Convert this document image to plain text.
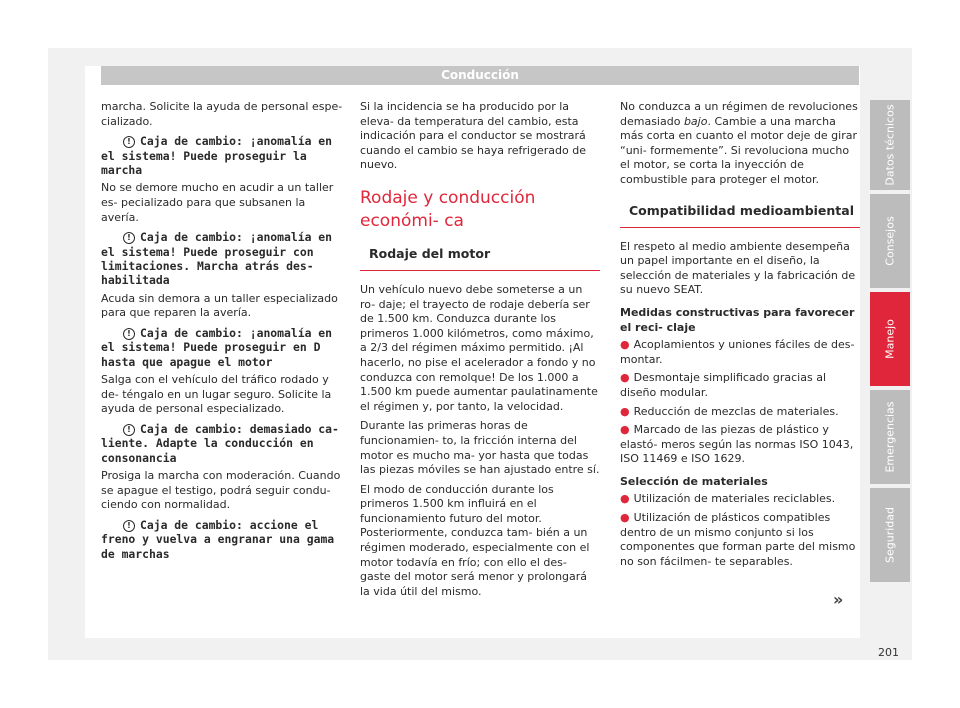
Conducción

marcha. Solicite la ayuda de personal espe- cializado.

! Caja de cambio: ¡anomalía en el sistema! Puede proseguir la marcha

No se demore mucho en acudir a un taller es- pecializado para que subsanen la avería.

! Caja de cambio: ¡anomalía en el sistema! Puede proseguir con limitaciones. Marcha atrás des- habilitada

Acuda sin demora a un taller especializado para que reparen la avería.

! Caja de cambio: ¡anomalía en el sistema! Puede proseguir en D hasta que apague el motor

Salga con el vehículo del tráfico rodado y de- téngalo en un lugar seguro. Solicite la ayuda de personal especializado.

! Caja de cambio: demasiado ca- liente. Adapte la conducción en consonancia

Prosiga la marcha con moderación. Cuando se apague el testigo, podrá seguir condu- ciendo con normalidad.

! Caja de cambio: accione el freno y vuelva a engranar una gama de marchas

Si la incidencia se ha producido por la eleva- da temperatura del cambio, esta indicación para el conductor se mostrará cuando el cambio se haya refrigerado de nuevo.

Rodaje y conducción económi- ca
Rodaje del motor

Un vehículo nuevo debe someterse a un ro- daje; el trayecto de rodaje debería ser de 1.500 km. Conduzca durante los primeros 1.000 kilómetros, como máximo, a 2/3 del régimen máximo permitido. ¡Al hacerlo, no pise el acelerador a fondo y no conduzca con remolque! De los 1.000 a 1.500 km puede aumentar paulatinamente el régimen y, por tanto, la velocidad.

Durante las primeras horas de funcionamien- to, la fricción interna del motor es mucho ma- yor hasta que todas las piezas móviles se han ajustado entre sí.

El modo de conducción durante los primeros 1.500 km influirá en el funcionamiento futuro del motor. Posteriormente, conduzca tam- bién a un régimen moderado, especialmente con el motor todavía en frío; con ello el des- gaste del motor será menor y prolongará la vida útil del mismo.

No conduzca a un régimen de revoluciones demasiado bajo. Cambie a una marcha más corta en cuanto el motor deje de girar “uni- formemente”. Si revoluciona mucho el motor, se corta la inyección de combustible para proteger el motor.

Compatibilidad medioambiental

El respeto al medio ambiente desempeña un papel importante en el diseño, la selección de materiales y la fabricación de su nuevo SEAT.

Medidas constructivas para favorecer el reci- claje
● Acoplamientos y uniones fáciles de des- montar.
● Desmontaje simplificado gracias al diseño modular.
● Reducción de mezclas de materiales.
● Marcado de las piezas de plástico y elastó- meros según las normas ISO 1043, ISO 11469 e ISO 1629.
Selección de materiales
● Utilización de materiales reciclables.
● Utilización de plásticos compatibles dentro de un mismo conjunto si los componentes que forman parte del mismo no son fácilmen- te separables.
»
Datos técnicos
Consejos
Manejo
Emergencias
Seguridad
201
